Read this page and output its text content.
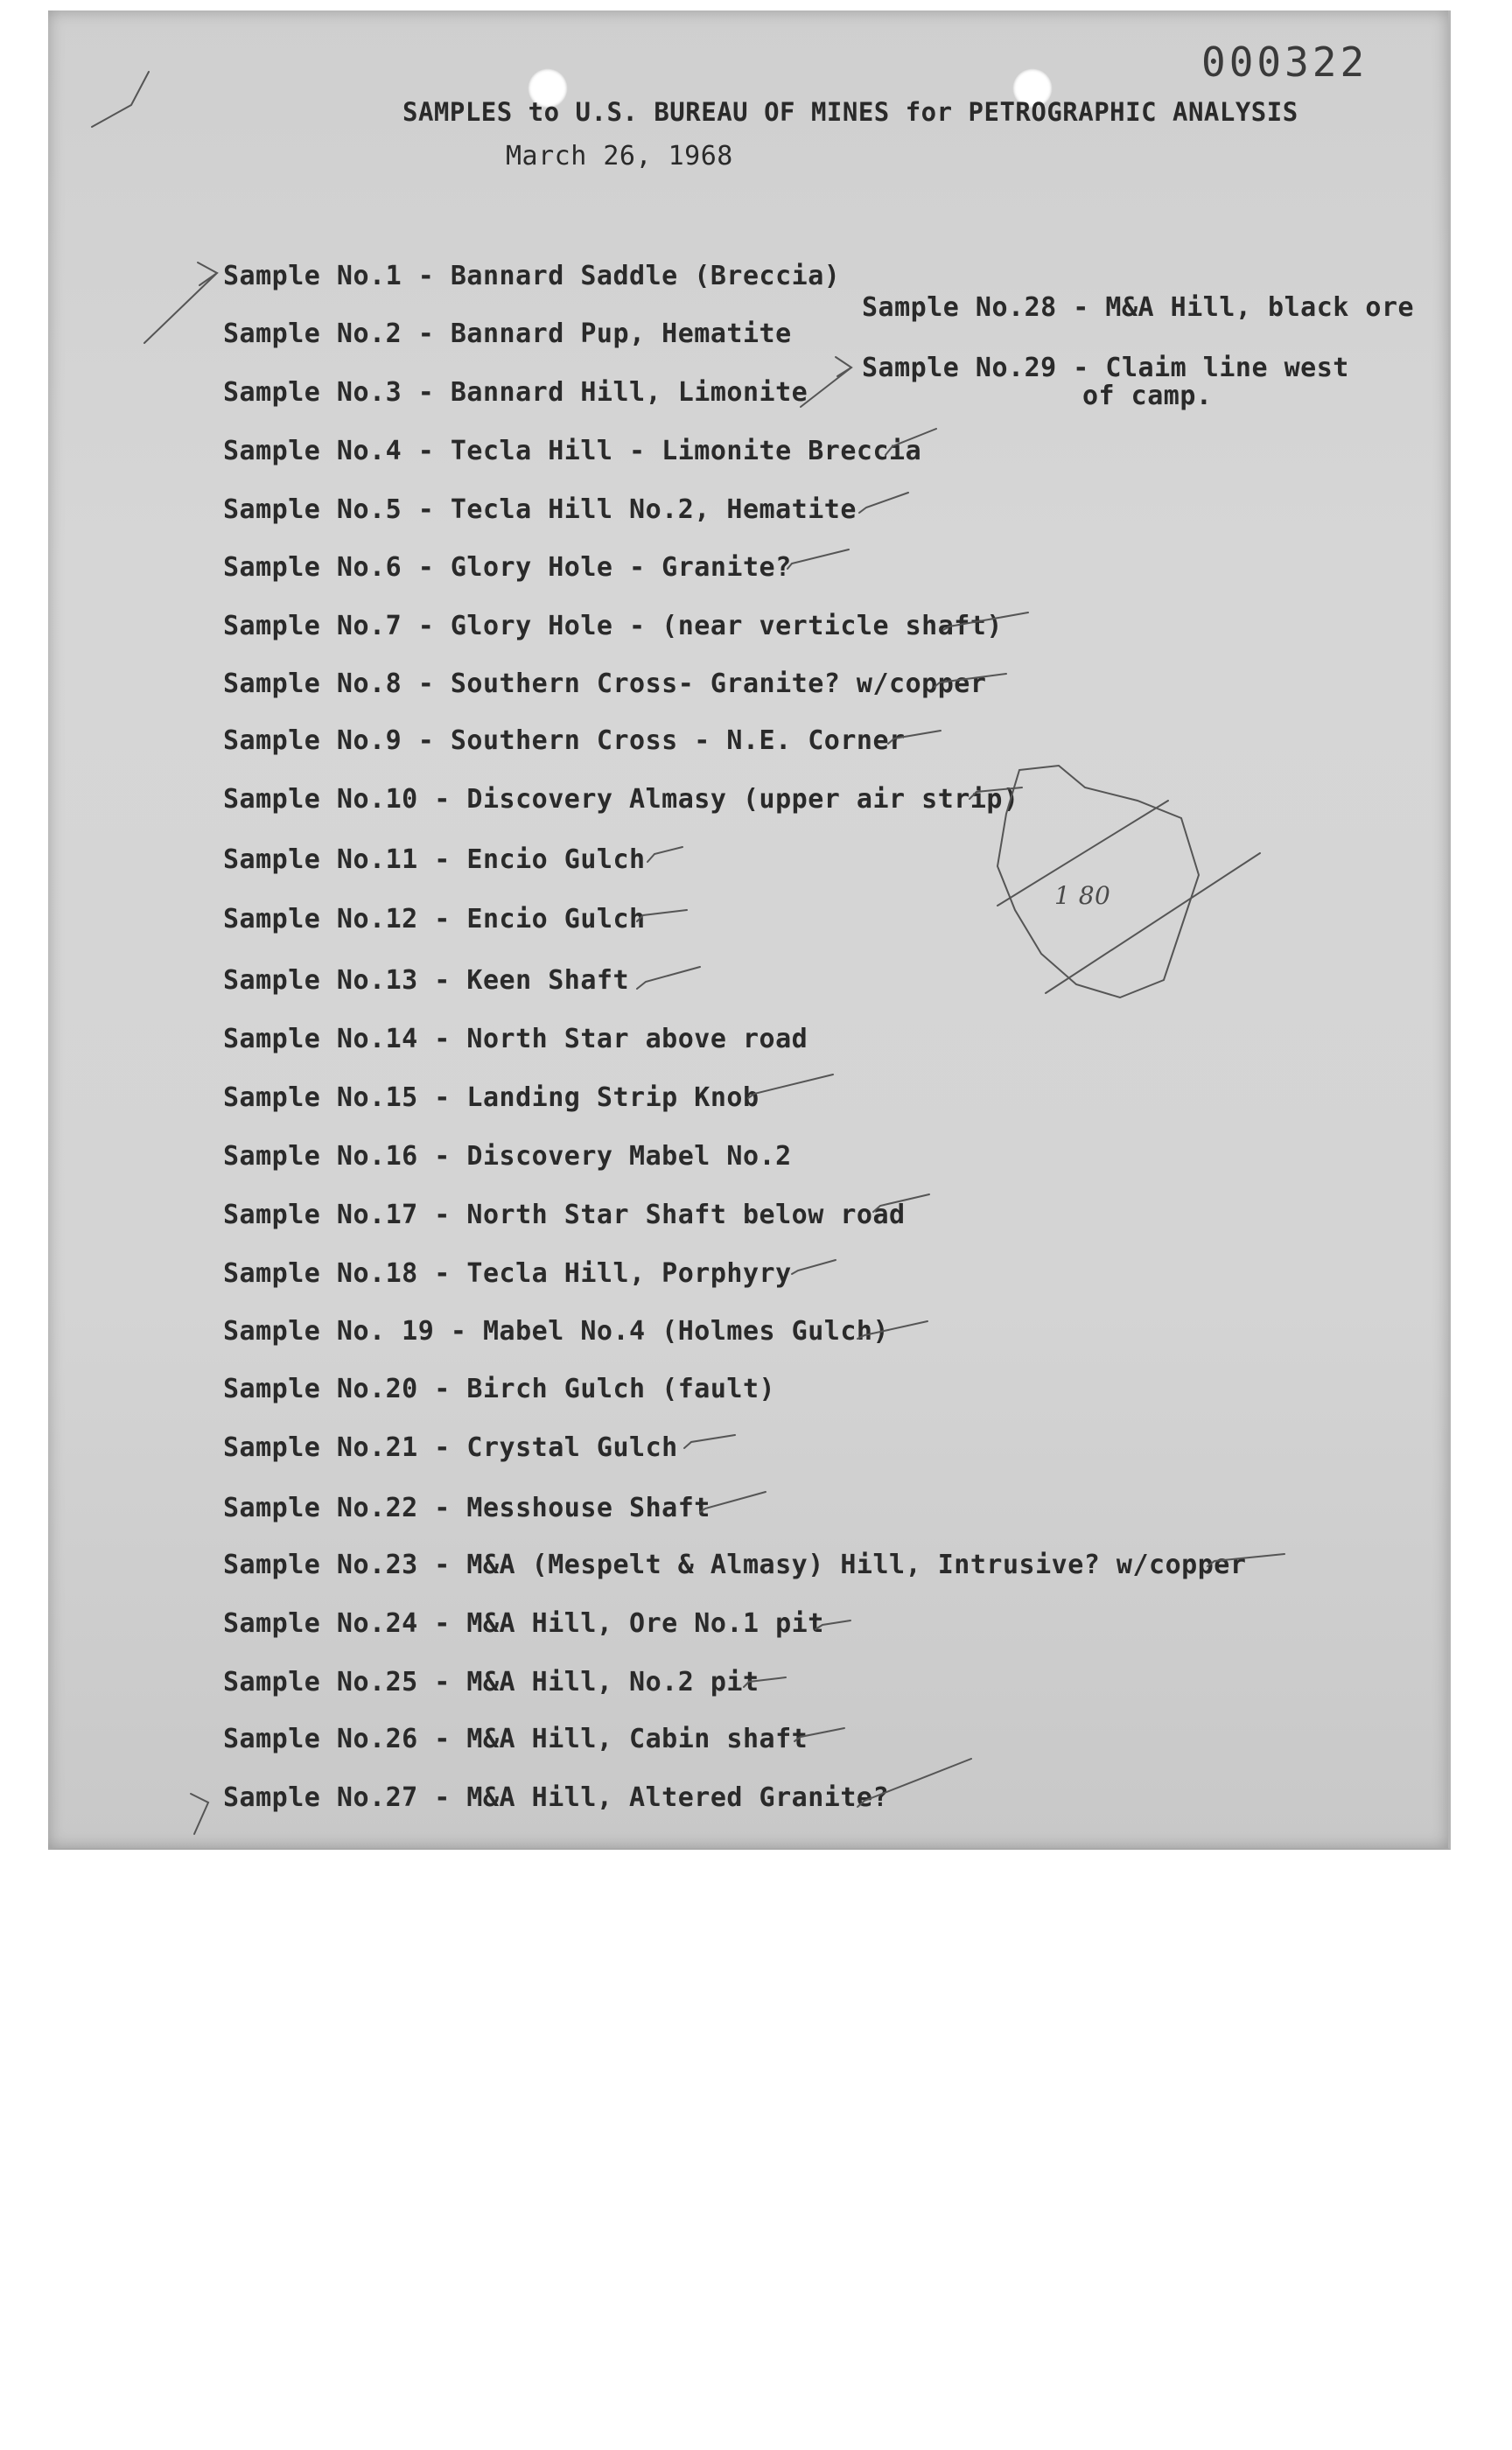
000322
SAMPLES to U.S. BUREAU OF MINES for PETROGRAPHIC ANALYSIS
March 26, 1968
Sample No.28 - M&A Hill, black ore
Sample No.29 - Claim line west
of camp.
Sample No.1 - Bannard Saddle (Breccia)
Sample No.2 - Bannard Pup, Hematite
Sample No.3 - Bannard Hill, Limonite
Sample No.4 - Tecla Hill - Limonite Breccia
Sample No.5 - Tecla Hill No.2, Hematite
Sample No.6 - Glory Hole - Granite?
Sample No.7 - Glory Hole - (near verticle shaft)
Sample No.8 - Southern Cross- Granite? w/copper
Sample No.9 - Southern Cross - N.E. Corner
Sample No.10 - Discovery Almasy (upper air strip)
Sample No.11 - Encio Gulch
Sample No.12 - Encio Gulch
Sample No.13 - Keen Shaft
Sample No.14 - North Star above road
Sample No.15 - Landing Strip Knob
Sample No.16 - Discovery Mabel No.2
Sample No.17 - North Star Shaft below road
Sample No.18 - Tecla Hill, Porphyry
Sample No. 19 - Mabel No.4 (Holmes Gulch)
Sample No.20 - Birch Gulch (fault)
Sample No.21 - Crystal Gulch
Sample No.22 - Messhouse Shaft
Sample No.23 - M&A (Mespelt & Almasy) Hill, Intrusive? w/copper
Sample No.24 - M&A Hill, Ore No.1 pit
Sample No.25 - M&A Hill, No.2 pit
Sample No.26 - M&A Hill, Cabin shaft
Sample No.27 - M&A Hill, Altered Granite?
1 80
